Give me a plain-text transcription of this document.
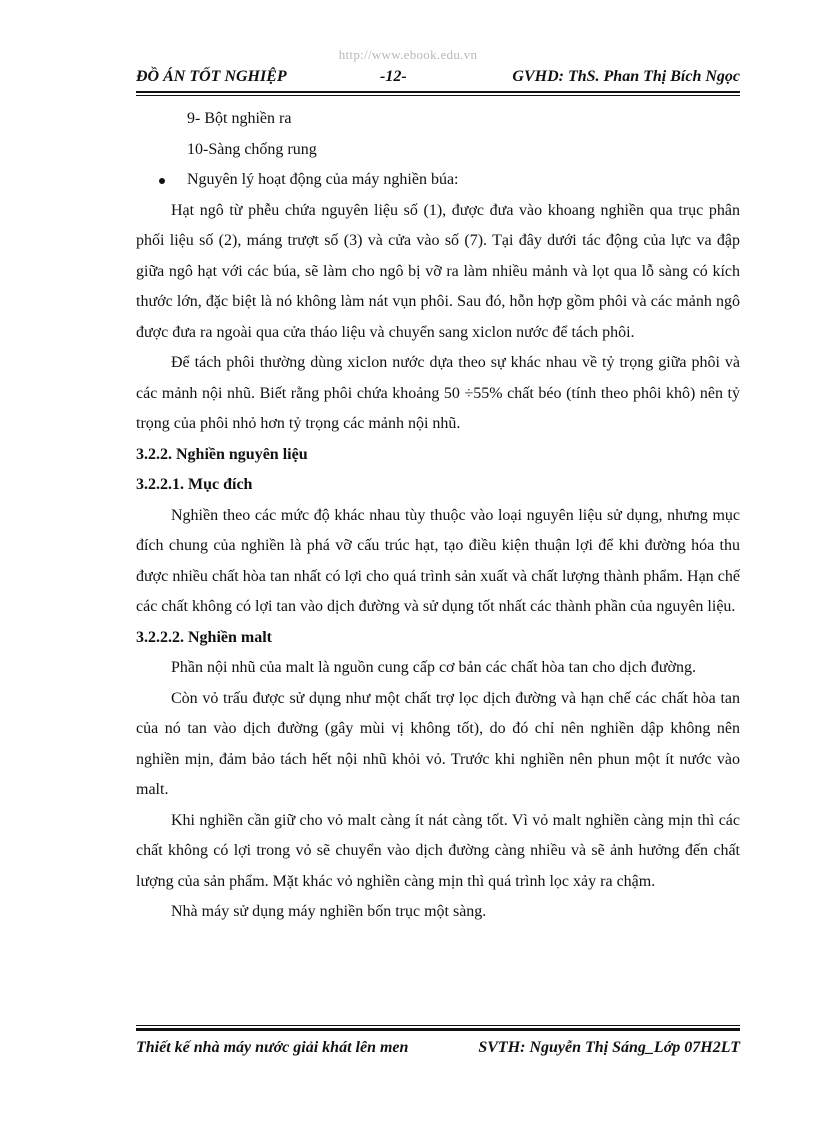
http://www.ebook.edu.vn
ĐỒ ÁN TỐT NGHIỆP	-12-	GVHD: ThS. Phan Thị Bích Ngọc

9- Bột nghiền ra

10-Sàng chống rung

Nguyên lý hoạt động của máy nghiền búa:

Hạt ngô từ phễu chứa nguyên liệu số (1), được đưa vào khoang nghiền qua trục phân phối liệu số (2), máng trượt số (3) và cửa vào số (7). Tại đây dưới tác động của lực va đập giữa ngô hạt với các búa, sẽ làm cho ngô bị vỡ ra làm nhiều mảnh và lọt qua lỗ sàng có kích thước lớn, đặc biệt là nó không làm nát vụn phôi. Sau đó, hỗn hợp gồm phôi và các mảnh ngô được đưa ra ngoài qua cửa tháo liệu và chuyển sang xiclon nước để tách phôi.

Để tách phôi thường dùng xiclon nước dựa theo sự khác nhau về tỷ trọng giữa phôi và các mảnh nội nhũ. Biết rằng phôi chứa khoảng 50 ÷55% chất béo (tính theo phôi khô) nên tỷ trọng của phôi nhỏ hơn tỷ trọng các mảnh nội nhũ.

3.2.2. Nghiền nguyên liệu

3.2.2.1. Mục đích

Nghiền theo các mức độ khác nhau tùy thuộc vào loại nguyên liệu sử dụng, nhưng mục đích chung của nghiền là phá vỡ cấu trúc hạt, tạo điều kiện thuận lợi để khi đường hóa thu được nhiều chất hòa tan nhất có lợi cho quá trình sản xuất và chất lượng thành phẩm. Hạn chế các chất không có lợi tan vào dịch đường và sử dụng tốt nhất các thành phần của nguyên liệu.

3.2.2.2. Nghiền malt

Phần nội nhũ của malt là nguồn cung cấp cơ bản các chất hòa tan cho dịch đường.

Còn vỏ trấu được sử dụng như một chất trợ lọc dịch đường và hạn chế các chất hòa tan của nó tan vào dịch đường (gây mùi vị không tốt), do đó chỉ nên nghiền dập không nên nghiền mịn, đảm bảo tách hết nội nhũ khỏi vỏ. Trước khi nghiền nên phun một ít nước vào malt.

Khi nghiền cần giữ cho vỏ malt càng ít nát càng tốt. Vì vỏ malt nghiền càng mịn thì các chất không có lợi trong vỏ sẽ chuyển vào dịch đường càng nhiều và sẽ ảnh hưởng đến chất lượng của sản phẩm. Mặt khác vỏ nghiền càng mịn thì quá trình lọc xảy ra chậm.

Nhà máy sử dụng máy nghiền bốn trục một sàng.

Thiết kế nhà máy nước giải khát lên men	SVTH: Nguyễn Thị Sáng_Lớp 07H2LT
